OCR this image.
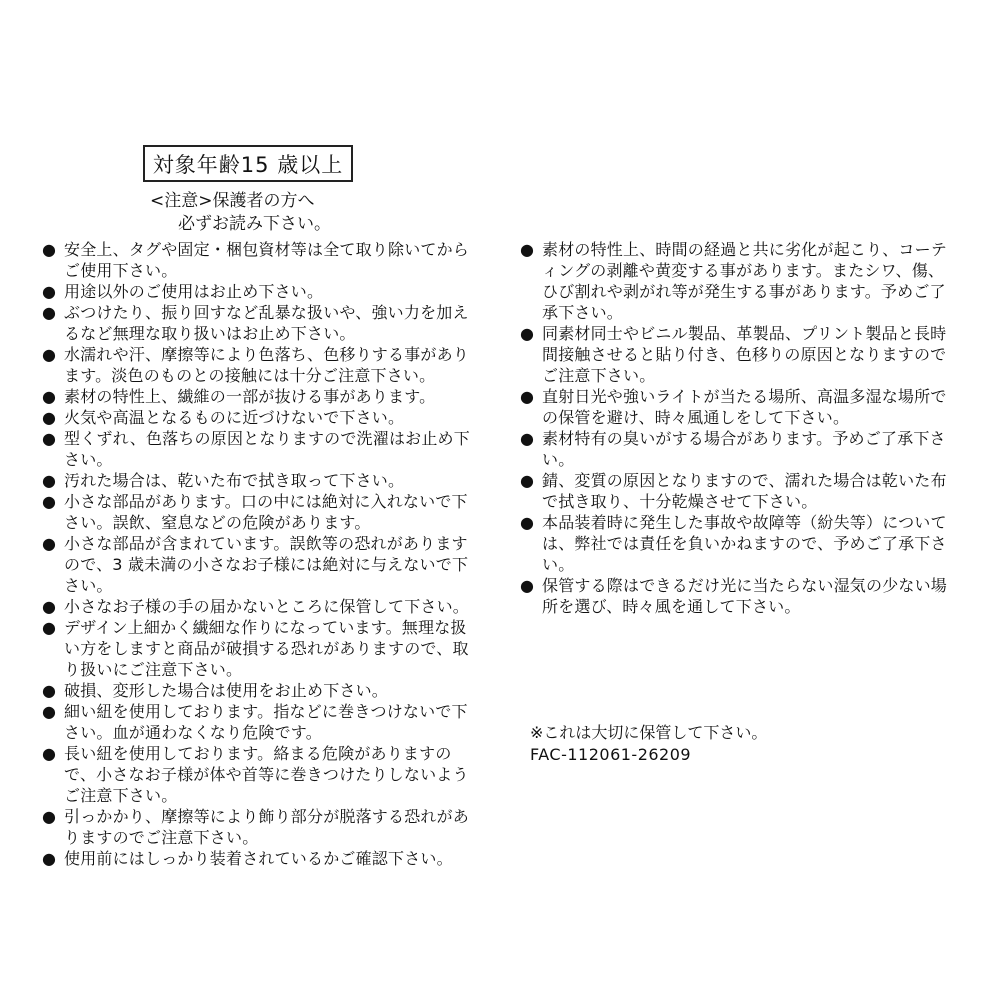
対象年齢15 歳以上
<注意>保護者の方へ
必ずお読み下さい。
● 安全上、タグや固定・梱包資材等は全て取り除いてからご使用下さい。
● 用途以外のご使用はお止め下さい。
● ぶつけたり、振り回すなど乱暴な扱いや、強い力を加えるなど無理な取り扱いはお止め下さい。
● 水濡れや汗、摩擦等により色落ち、色移りする事があります。淡色のものとの接触には十分ご注意下さい。
● 素材の特性上、繊維の一部が抜ける事があります。
● 火気や高温となるものに近づけないで下さい。
● 型くずれ、色落ちの原因となりますので洗濯はお止め下さい。
● 汚れた場合は、乾いた布で拭き取って下さい。
● 小さな部品があります。口の中には絶対に入れないで下さい。誤飲、窒息などの危険があります。
● 小さな部品が含まれています。誤飲等の恐れがありますので、3 歳未満の小さなお子様には絶対に与えないで下さい。
● 小さなお子様の手の届かないところに保管して下さい。
● デザイン上細かく繊細な作りになっています。無理な扱い方をしますと商品が破損する恐れがありますので、取り扱いにご注意下さい。
● 破損、変形した場合は使用をお止め下さい。
● 細い紐を使用しております。指などに巻きつけないで下さい。血が通わなくなり危険です。
● 長い紐を使用しております。絡まる危険がありますので、小さなお子様が体や首等に巻きつけたりしないようご注意下さい。
● 引っかかり、摩擦等により飾り部分が脱落する恐れがありますのでご注意下さい。
● 使用前にはしっかり装着されているかご確認下さい。
● 素材の特性上、時間の経過と共に劣化が起こり、コーティングの剥離や黄変する事があります。またシワ、傷、ひび割れや剥がれ等が発生する事があります。予めご了承下さい。
● 同素材同士やビニル製品、革製品、プリント製品と長時間接触させると貼り付き、色移りの原因となりますのでご注意下さい。
● 直射日光や強いライトが当たる場所、高温多湿な場所での保管を避け、時々風通しをして下さい。
● 素材特有の臭いがする場合があります。予めご了承下さい。
● 錆、変質の原因となりますので、濡れた場合は乾いた布で拭き取り、十分乾燥させて下さい。
● 本品装着時に発生した事故や故障等（紛失等）については、弊社では責任を負いかねますので、予めご了承下さい。
● 保管する際はできるだけ光に当たらない湿気の少ない場所を選び、時々風を通して下さい。
※これは大切に保管して下さい。
FAC-112061-26209
